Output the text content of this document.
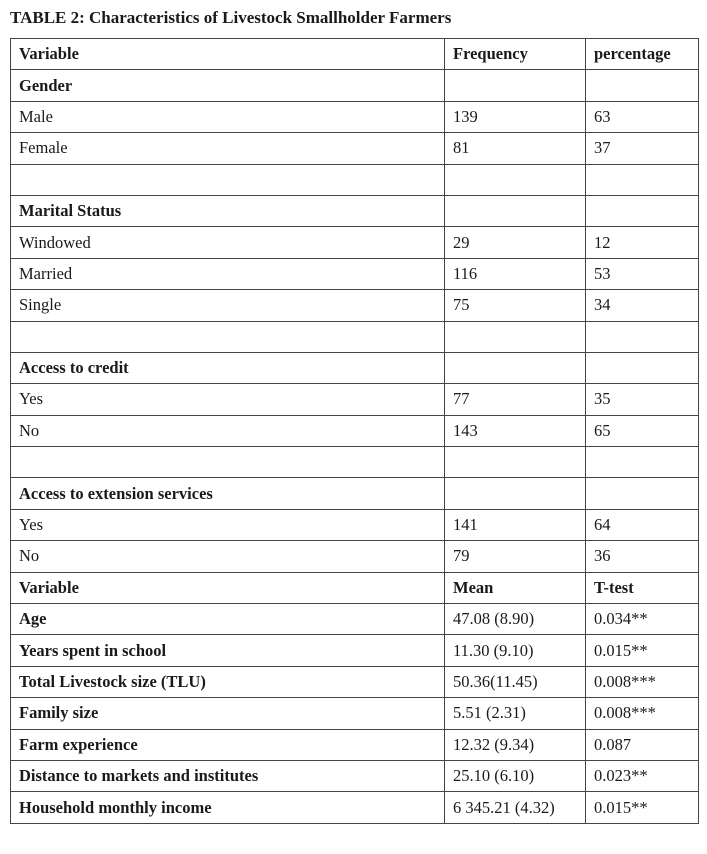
TABLE 2: Characteristics of Livestock Smallholder Farmers
Variable	Frequency	percentage
Gender		
Male	139	63
Female	81	37

Marital Status		
Windowed	29	12
Married	116	53
Single	75	34

Access to credit		
Yes	77	35
No	143	65

Access to extension services		
Yes	141	64
No	79	36
Variable	Mean	T-test
Age	47.08 (8.90)	0.034**
Years spent in school	11.30 (9.10)	0.015**
Total Livestock size (TLU)	50.36(11.45)	0.008***
Family size	5.51 (2.31)	0.008***
Farm experience	12.32 (9.34)	0.087
Distance to markets and institutes	25.10 (6.10)	0.023**
Household monthly income	6 345.21 (4.32)	0.015**
